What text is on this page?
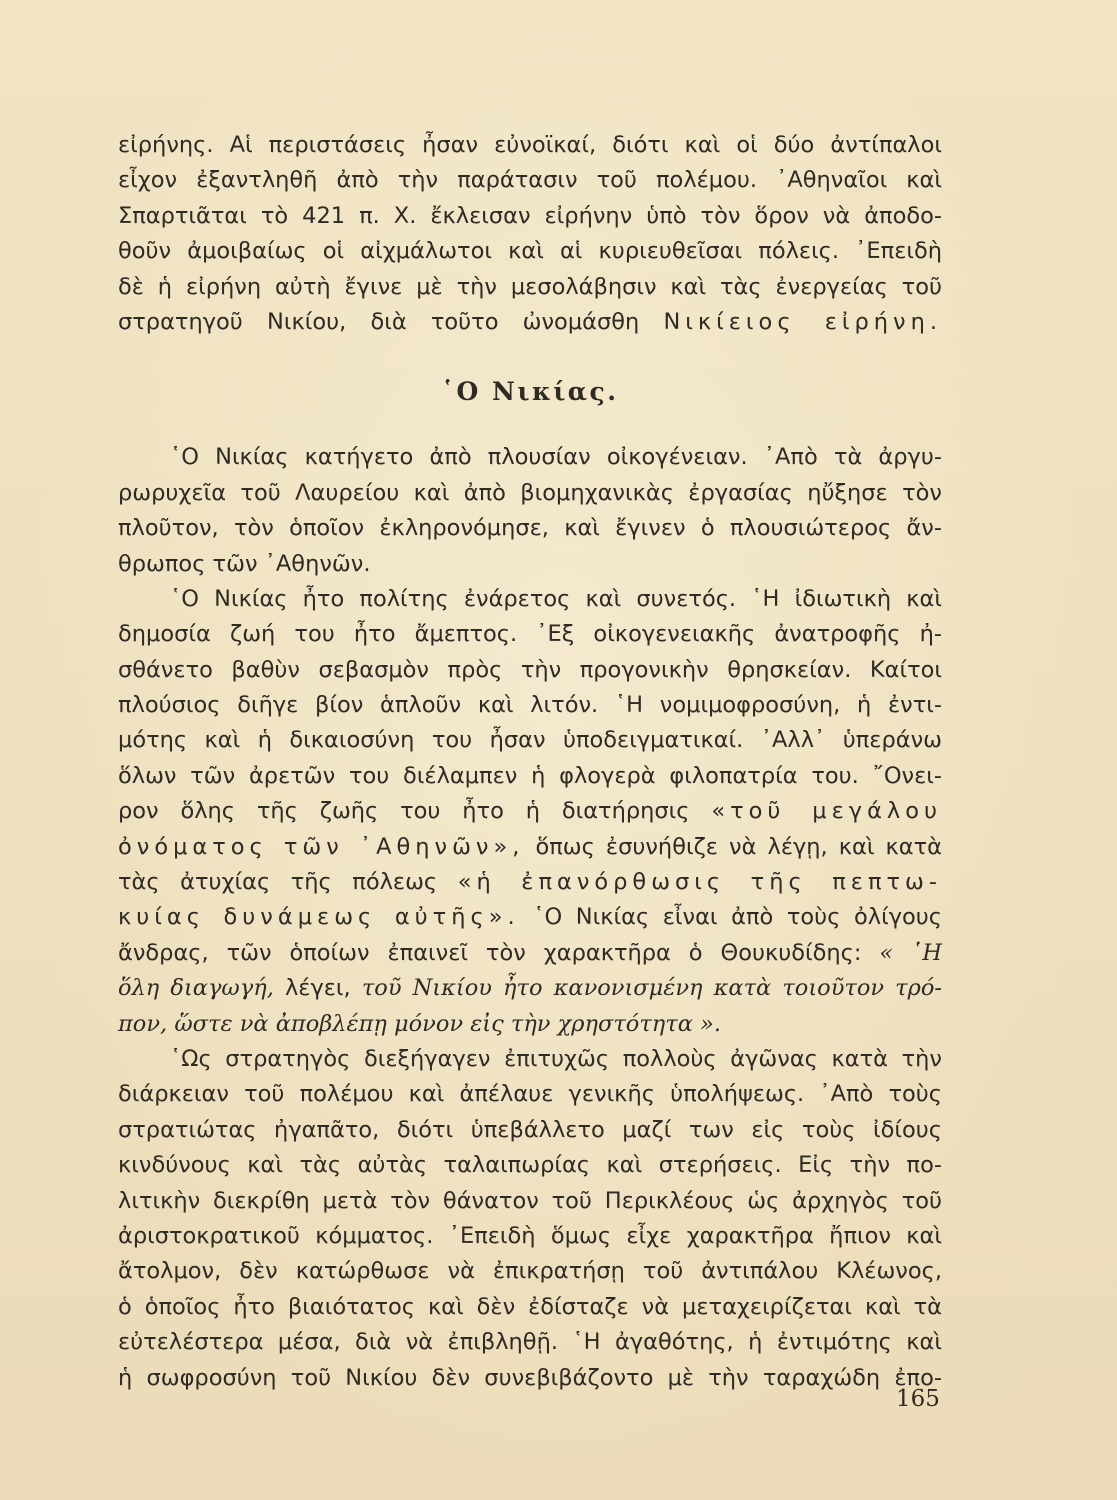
εἰρήνης. Αἱ περιστάσεις ἦσαν εὐνοϊκαί, διότι καὶ οἱ δύο ἀντίπαλοι
εἶχον ἐξαντληθῆ ἀπὸ τὴν παράτασιν τοῦ πολέμου. ᾿Αθηναῖοι καὶ
Σπαρτιᾶται τὸ 421 π. Χ. ἔκλεισαν εἰρήνην ὑπὸ τὸν ὅρον νὰ ἀποδο-
θοῦν ἀμοιβαίως οἱ αἰχμάλωτοι καὶ αἱ κυριευθεῖσαι πόλεις. ᾿Επειδὴ
δὲ ἡ εἰρήνη αὐτὴ ἔγινε μὲ τὴν μεσολάβησιν καὶ τὰς ἐνεργείας τοῦ
στρατηγοῦ Νικίου, διὰ τοῦτο ὠνομάσθη Νικίειος εἰρήνη.
῾Ο Νικίας.
῾Ο Νικίας κατήγετο ἀπὸ πλουσίαν οἰκογένειαν. ᾿Απὸ τὰ ἀργυ-
ρωρυχεῖα τοῦ Λαυρείου καὶ ἀπὸ βιομηχανικὰς ἐργασίας ηὔξησε τὸν
πλοῦτον, τὸν ὁποῖον ἐκληρονόμησε, καὶ ἔγινεν ὁ πλουσιώτερος ἄν-
θρωπος τῶν ᾿Αθηνῶν.
῾Ο Νικίας ἦτο πολίτης ἐνάρετος καὶ συνετός. ῾Η ἰδιωτικὴ καὶ
δημοσία ζωή του ἦτο ἄμεπτος. ᾿Εξ οἰκογενειακῆς ἀνατροφῆς ἠ-
σθάνετο βαθὺν σεβασμὸν πρὸς τὴν προγονικὴν θρησκείαν. Καίτοι
πλούσιος διῆγε βίον ἁπλοῦν καὶ λιτόν. ῾Η νομιμοφροσύνη, ἡ ἐντι-
μότης καὶ ἡ δικαιοσύνη του ἦσαν ὑποδειγματικαί. ᾿Αλλ᾿ ὑπεράνω
ὅλων τῶν ἀρετῶν του διέλαμπεν ἡ φλογερὰ φιλοπατρία του. ῎Ονει-
ρον ὅλης τῆς ζωῆς του ἦτο ἡ διατήρησις «τοῦ μεγάλου
ὀνόματος τῶν ᾿Αθηνῶν», ὅπως ἐσυνήθιζε νὰ λέγῃ, καὶ κατὰ
τὰς ἀτυχίας τῆς πόλεως «ἡ ἐπανόρθωσις τῆς πεπτω-
κυίας δυνάμεως αὐτῆς». ῾Ο Νικίας εἶναι ἀπὸ τοὺς ὀλίγους
ἄνδρας, τῶν ὁποίων ἐπαινεῖ τὸν χαρακτῆρα ὁ Θουκυδίδης: « ῾Η
ὅλη διαγωγή, λέγει, τοῦ Νικίου ἦτο κανονισμένη κατὰ τοιοῦτον τρό-
πον, ὥστε νὰ ἀποβλέπῃ μόνον εἰς τὴν χρηστότητα ».
῾Ως στρατηγὸς διεξήγαγεν ἐπιτυχῶς πολλοὺς ἀγῶνας κατὰ τὴν
διάρκειαν τοῦ πολέμου καὶ ἀπέλαυε γενικῆς ὑπολήψεως. ᾿Απὸ τοὺς
στρατιώτας ἠγαπᾶτο, διότι ὑπεβάλλετο μαζί των εἰς τοὺς ἰδίους
κινδύνους καὶ τὰς αὐτὰς ταλαιπωρίας καὶ στερήσεις. Εἰς τὴν πο-
λιτικὴν διεκρίθη μετὰ τὸν θάνατον τοῦ Περικλέους ὡς ἀρχηγὸς τοῦ
ἀριστοκρατικοῦ κόμματος. ᾿Επειδὴ ὅμως εἶχε χαρακτῆρα ἤπιον καὶ
ἄτολμον, δὲν κατώρθωσε νὰ ἐπικρατήσῃ τοῦ ἀντιπάλου Κλέωνος,
ὁ ὁποῖος ἦτο βιαιότατος καὶ δὲν ἐδίσταζε νὰ μεταχειρίζεται καὶ τὰ
εὐτελέστερα μέσα, διὰ νὰ ἐπιβληθῇ. ῾Η ἀγαθότης, ἡ ἐντιμότης καὶ
ἡ σωφροσύνη τοῦ Νικίου δὲν συνεβιβάζοντο μὲ τὴν ταραχώδη ἐπο-
165
